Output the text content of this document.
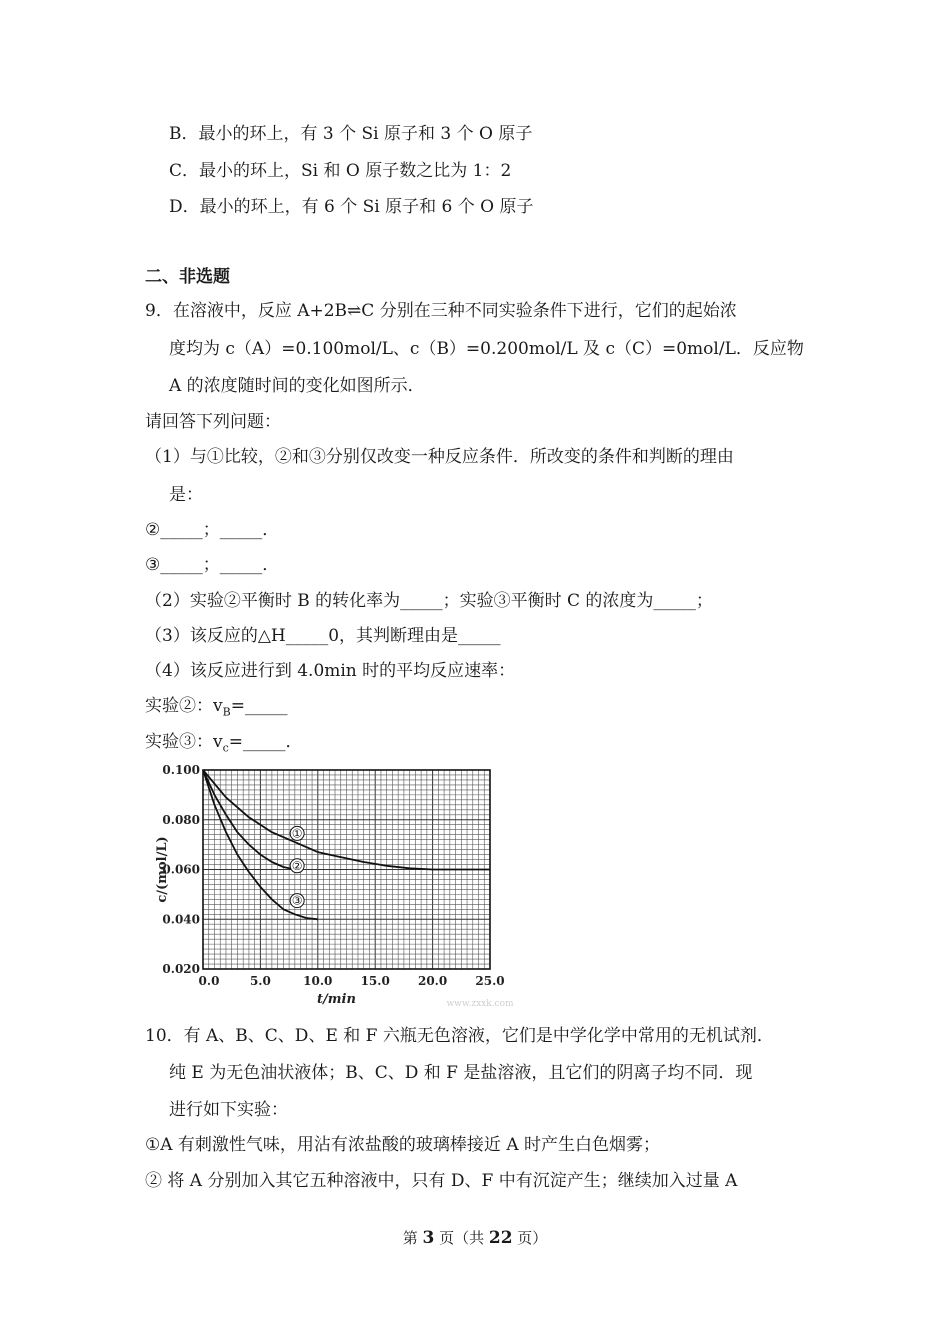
B．最小的环上，有 3 个 Si 原子和 3 个 O 原子
C．最小的环上，Si 和 O 原子数之比为 1：2
D．最小的环上，有 6 个 Si 原子和 6 个 O 原子
二、非选题
9．在溶液中，反应 A+2B⇌C 分别在三种不同实验条件下进行，它们的起始浓
度均为 c（A）=0.100mol/L、c（B）=0.200mol/L 及 c（C）=0mol/L．反应物
A 的浓度随时间的变化如图所示．
请回答下列问题：
（1）与①比较，②和③分别仅改变一种反应条件．所改变的条件和判断的理由
是：
②_____；_____．
③_____；_____．
（2）实验②平衡时 B 的转化率为_____；实验③平衡时 C 的浓度为_____；
（3）该反应的△H_____0，其判断理由是_____
（4）该反应进行到 4.0min 时的平均反应速率：
实验②：$v_B=\_\_\_\_\_$
实验③：$v_c=\_\_\_\_\_$．
0.0	5.0	10.0 15.0 20.0 25.0
0.020
0.040
0.060
0.080
0.100
t/min
c/(mol/L)
①
②
③
www.zxxk.com
10．有 A、B、C、D、E 和 F 六瓶无色溶液，它们是中学化学中常用的无机试剂．
纯 E 为无色油状液体；B、C、D 和 F 是盐溶液，且它们的阴离子均不同．现
进行如下实验：
①A 有刺激性气味，用沾有浓盐酸的玻璃棒接近 A 时产生白色烟雾；
② 将 A 分别加入其它五种溶液中，只有 D、F 中有沉淀产生；继续加入过量 A
第 3 页（共 22 页）
